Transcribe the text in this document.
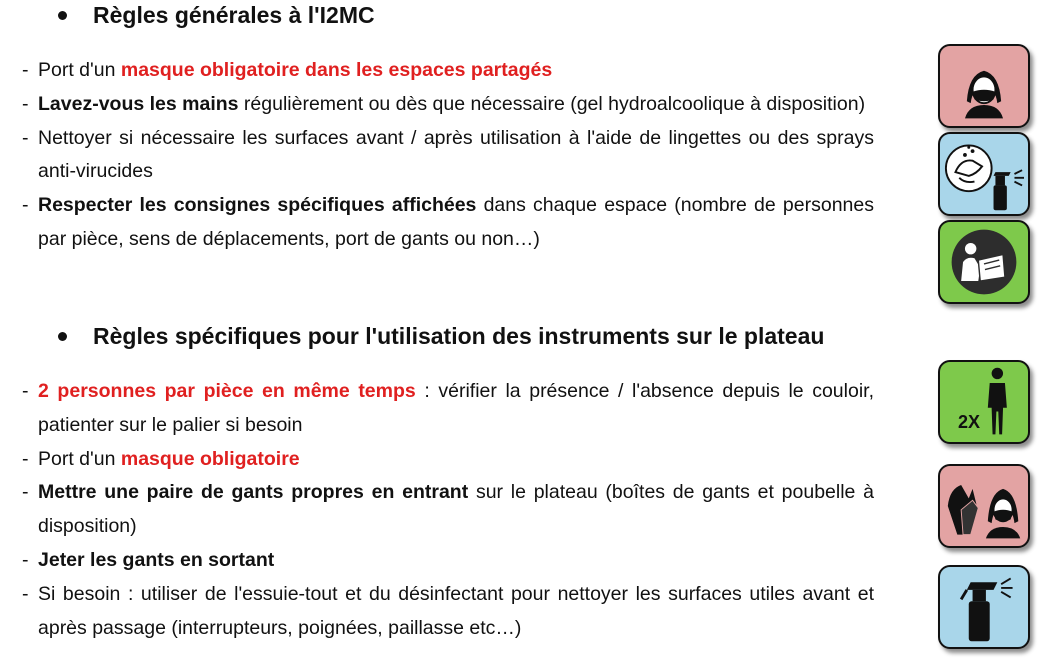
Règles générales à l'I2MC
- Port d'un masque obligatoire dans les espaces partagés
- Lavez-vous les mains régulièrement ou dès que nécessaire (gel hydroalcoolique à disposition)
- Nettoyer si nécessaire les surfaces avant / après utilisation à l'aide de lingettes ou des sprays anti-virucides
- Respecter les consignes spécifiques affichées dans chaque espace (nombre de personnes par pièce, sens de déplacements, port de gants ou non…)
Règles spécifiques pour l'utilisation des instruments sur le plateau
- 2 personnes par pièce en même temps : vérifier la présence / l'absence depuis le couloir, patienter sur le palier si besoin
- Port d'un masque obligatoire
- Mettre une paire de gants propres en entrant sur le plateau (boîtes de gants et poubelle à disposition)
- Jeter les gants en sortant
- Si besoin : utiliser de l'essuie-tout et du désinfectant pour nettoyer les surfaces utiles avant et après passage (interrupteurs, poignées, paillasse etc…)
2X
